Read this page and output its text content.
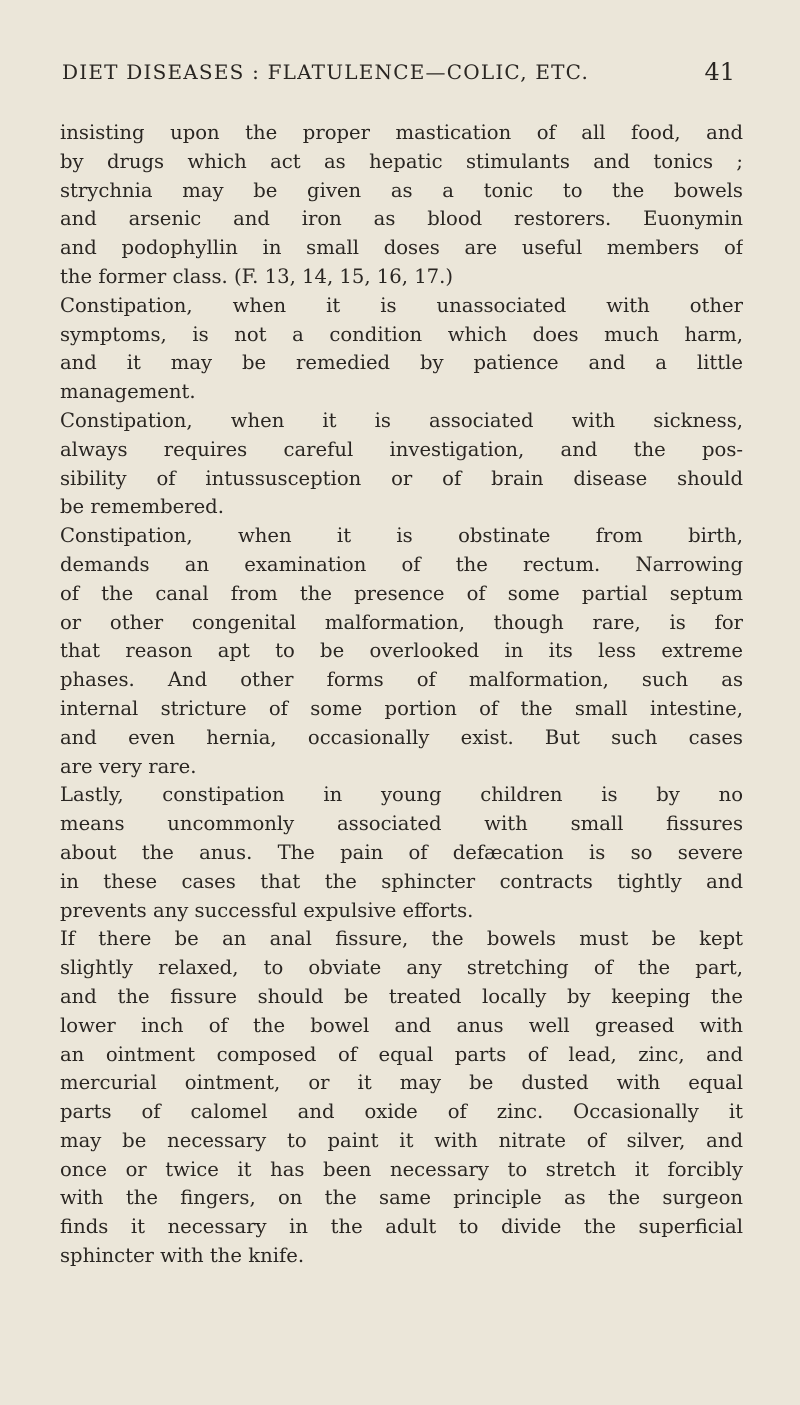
DIET DISEASES : FLATULENCE—COLIC, ETC.	41
insisting upon the proper mastication of all food, and
by drugs which act as hepatic stimulants and tonics ;
strychnia may be given as a tonic to the bowels
and arsenic and iron as blood restorers. Euonymin
and podophyllin in small doses are useful members of
the former class. (F. 13, 14, 15, 16, 17.)
Constipation, when it is unassociated with other
symptoms, is not a condition which does much harm,
and it may be remedied by patience and a little
management.
Constipation, when it is associated with sickness,
always requires careful investigation, and the pos-
sibility of intussusception or of brain disease should
be remembered.
Constipation, when it is obstinate from birth,
demands an examination of the rectum. Narrowing
of the canal from the presence of some partial septum
or other congenital malformation, though rare, is for
that reason apt to be overlooked in its less extreme
phases. And other forms of malformation, such as
internal stricture of some portion of the small intestine,
and even hernia, occasionally exist. But such cases
are very rare.
Lastly, constipation in young children is by no
means uncommonly associated with small fissures
about the anus. The pain of defæcation is so severe
in these cases that the sphincter contracts tightly and
prevents any successful expulsive efforts.
If there be an anal fissure, the bowels must be kept
slightly relaxed, to obviate any stretching of the part,
and the fissure should be treated locally by keeping the
lower inch of the bowel and anus well greased with
an ointment composed of equal parts of lead, zinc, and
mercurial ointment, or it may be dusted with equal
parts of calomel and oxide of zinc. Occasionally it
may be necessary to paint it with nitrate of silver, and
once or twice it has been necessary to stretch it forcibly
with the fingers, on the same principle as the surgeon
finds it necessary in the adult to divide the superficial
sphincter with the knife.
